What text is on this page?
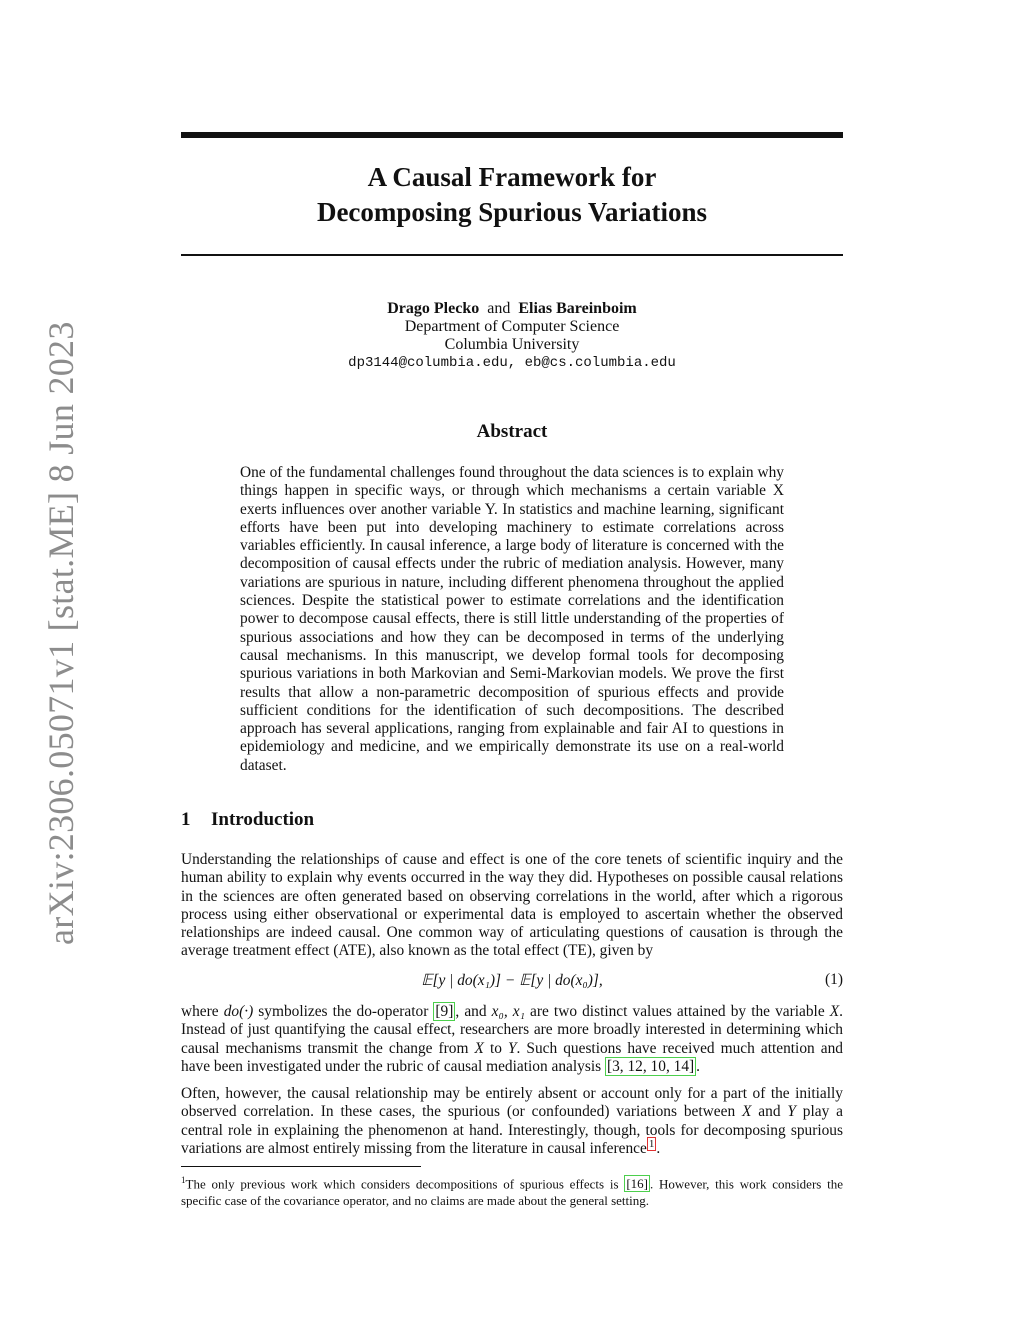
arXiv:2306.05071v1 [stat.ME] 8 Jun 2023
A Causal Framework for
Decomposing Spurious Variations
Drago Plecko and Elias Bareinboim
Department of Computer Science
Columbia University
dp3144@columbia.edu, eb@cs.columbia.edu
Abstract
One of the fundamental challenges found throughout the data sciences is to explain why things happen in specific ways, or through which mechanisms a certain variable X exerts influences over another variable Y. In statistics and machine learning, significant efforts have been put into developing machinery to estimate correlations across variables efficiently. In causal inference, a large body of literature is concerned with the decomposition of causal effects under the rubric of mediation analysis. However, many variations are spurious in nature, including different phenomena throughout the applied sciences. Despite the statistical power to estimate correlations and the identification power to decompose causal effects, there is still little understanding of the properties of spurious associations and how they can be decomposed in terms of the underlying causal mechanisms. In this manuscript, we develop formal tools for decomposing spurious variations in both Markovian and Semi-Markovian models. We prove the first results that allow a non-parametric decomposition of spurious effects and provide sufficient conditions for the identification of such decompositions. The described approach has several applications, ranging from explainable and fair AI to questions in epidemiology and medicine, and we empirically demonstrate its use on a real-world dataset.
1 Introduction
Understanding the relationships of cause and effect is one of the core tenets of scientific inquiry and the human ability to explain why events occurred in the way they did. Hypotheses on possible causal relations in the sciences are often generated based on observing correlations in the world, after which a rigorous process using either observational or experimental data is employed to ascertain whether the observed relationships are indeed causal. One common way of articulating questions of causation is through the average treatment effect (ATE), also known as the total effect (TE), given by
𝔼[y | do(x₁)] − 𝔼[y | do(x₀)],	(1)
where do(·) symbolizes the do-operator [9] , and x₀, x₁ are two distinct values attained by the variable X. Instead of just quantifying the causal effect, researchers are more broadly interested in determining which causal mechanisms transmit the change from X to Y. Such questions have received much attention and have been investigated under the rubric of causal mediation analysis [3, 12, 10, 14] .
Often, however, the causal relationship may be entirely absent or account only for a part of the initially observed correlation. In these cases, the spurious (or confounded) variations between X and Y play a central role in explaining the phenomenon at hand. Interestingly, though, tools for decomposing spurious variations are almost entirely missing from the literature in causal inference $^1$ .
$^1$The only previous work which considers decompositions of spurious effects is [16] . However, this work considers the specific case of the covariance operator, and no claims are made about the general setting.
